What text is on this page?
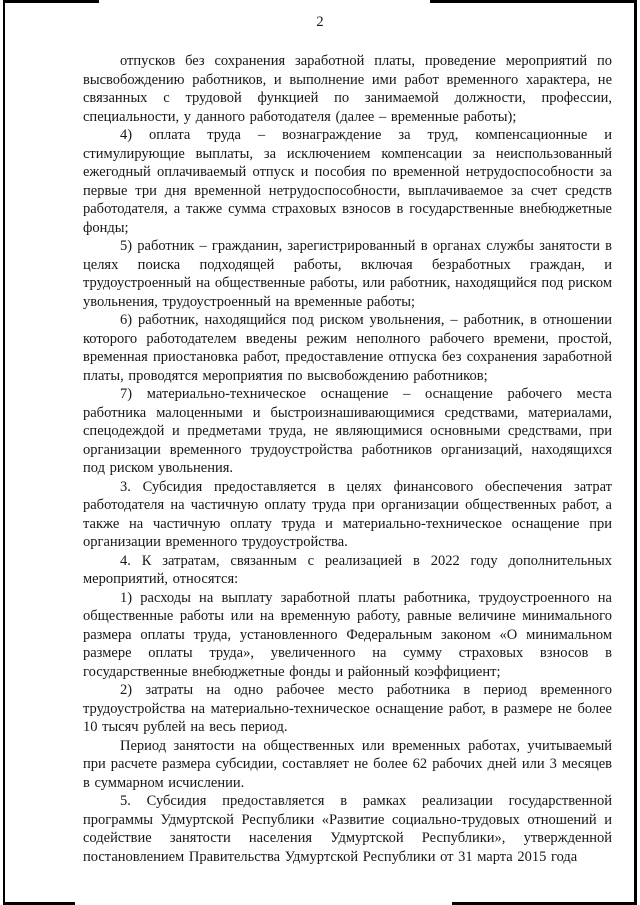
2

отпусков без сохранения заработной платы, проведение мероприятий по высвобождению работников, и выполнение ими работ временного характера, не связанных с трудовой функцией по занимаемой должности, профессии, специальности, у данного работодателя (далее – временные работы);

4) оплата труда – вознаграждение за труд, компенсационные и стимулирующие выплаты, за исключением компенсации за неиспользованный ежегодный оплачиваемый отпуск и пособия по временной нетрудоспособности за первые три дня временной нетрудоспособности, выплачиваемое за счет средств работодателя, а также сумма страховых взносов в государственные внебюджетные фонды;

5) работник – гражданин, зарегистрированный в органах службы занятости в целях поиска подходящей работы, включая безработных граждан, и трудоустроенный на общественные работы, или работник, находящийся под риском увольнения, трудоустроенный на временные работы;

6) работник, находящийся под риском увольнения, – работник, в отношении которого работодателем введены режим неполного рабочего времени, простой, временная приостановка работ, предоставление отпуска без сохранения заработной платы, проводятся мероприятия по высвобождению работников;

7) материально-техническое оснащение – оснащение рабочего места работника малоценными и быстроизнашивающимися средствами, материалами, спецодеждой и предметами труда, не являющимися основными средствами, при организации временного трудоустройства работников организаций, находящихся под риском увольнения.

3. Субсидия предоставляется в целях финансового обеспечения затрат работодателя на частичную оплату труда при организации общественных работ, а также на частичную оплату труда и материально-техническое оснащение при организации временного трудоустройства.

4. К затратам, связанным с реализацией в 2022 году дополнительных мероприятий, относятся:

1) расходы на выплату заработной платы работника, трудоустроенного на общественные работы или на временную работу, равные величине минимального размера оплаты труда, установленного Федеральным законом «О минимальном размере оплаты труда», увеличенного на сумму страховых взносов в государственные внебюджетные фонды и районный коэффициент;

2) затраты на одно рабочее место работника в период временного трудоустройства на материально-техническое оснащение работ, в размере не более 10 тысяч рублей на весь период.

Период занятости на общественных или временных работах, учитываемый при расчете размера субсидии, составляет не более 62 рабочих дней или 3 месяцев в суммарном исчислении.

5. Субсидия предоставляется в рамках реализации государственной программы Удмуртской Республики «Развитие социально-трудовых отношений и содействие занятости населения Удмуртской Республики», утвержденной постановлением Правительства Удмуртской Республики от 31 марта 2015 года
